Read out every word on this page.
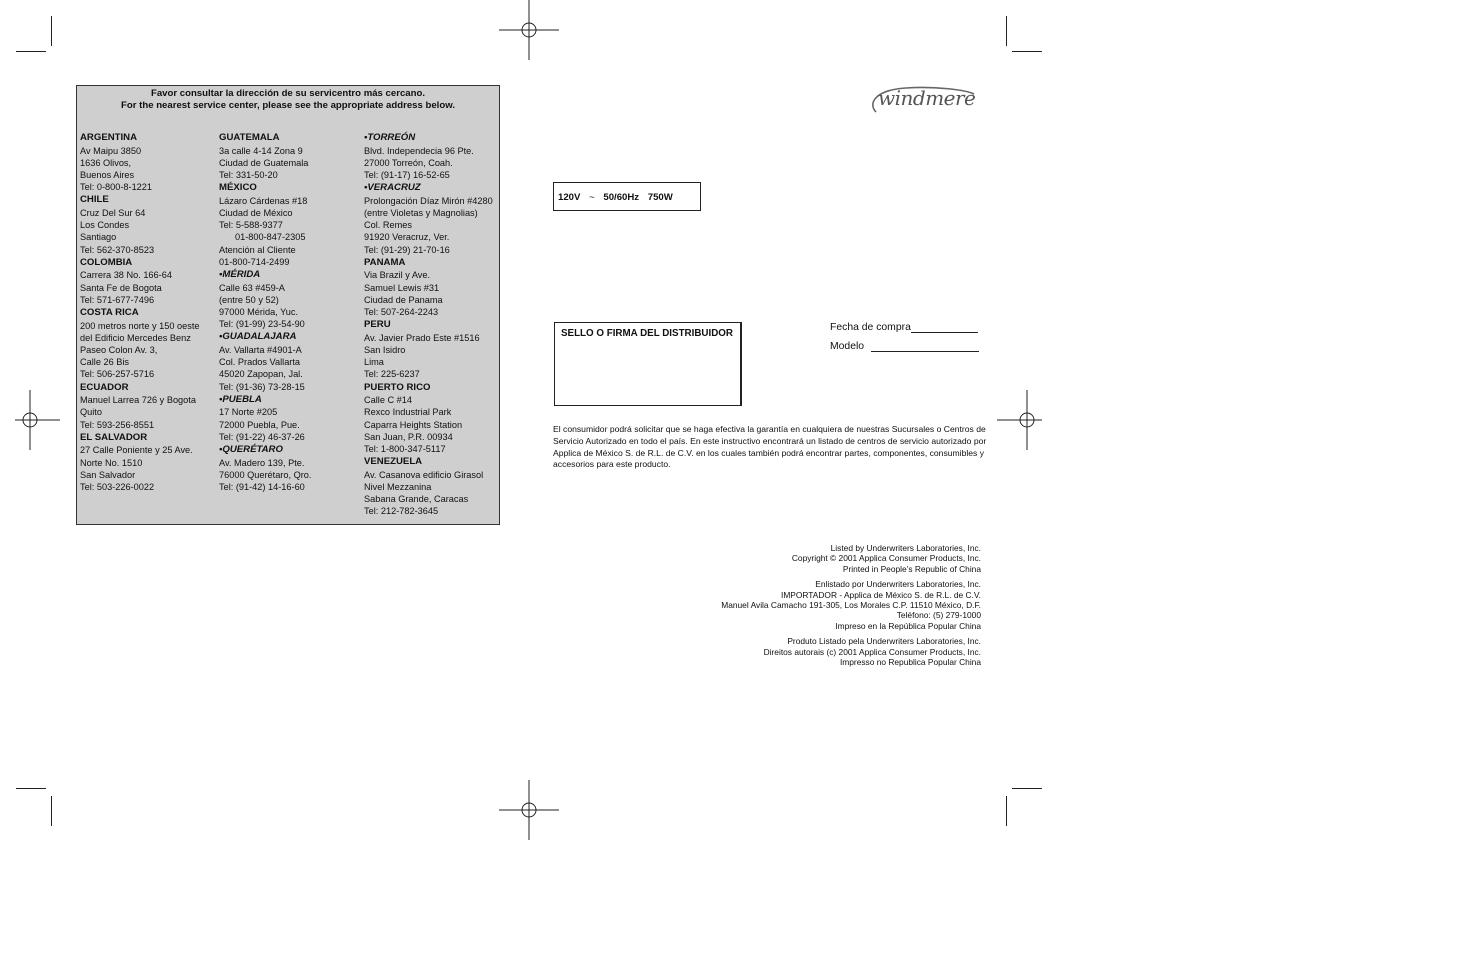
Favor consultar la dirección de su servicentro más cercano.
For the nearest service center, please see the appropriate address below.
ARGENTINA
Av Maipu 3850
1636 Olivos,
Buenos Aires
Tel: 0-800-8-1221
CHILE
Cruz Del Sur 64
Los Condes
Santiago
Tel: 562-370-8523
COLOMBIA
Carrera 38 No. 166-64
Santa Fe de Bogota
Tel: 571-677-7496
COSTA RICA
200 metros norte y 150 oeste
del Edificio Mercedes Benz
Paseo Colon Av. 3,
Calle 26 Bis
Tel: 506-257-5716
ECUADOR
Manuel Larrea 726 y Bogota
Quito
Tel: 593-256-8551
EL SALVADOR
27 Calle Poniente y 25 Ave.
Norte No. 1510
San Salvador
Tel: 503-226-0022
GUATEMALA
3a calle 4-14 Zona 9
Ciudad de Guatemala
Tel: 331-50-20
MÉXICO
Lázaro Cárdenas #18
Ciudad de México
Tel: 5-588-9377
01-800-847-2305
Atención al Cliente
01-800-714-2499
•MÉRIDA
Calle 63 #459-A
(entre 50 y 52)
97000 Mérida, Yuc.
Tel: (91-99) 23-54-90
•GUADALAJARA
Av. Vallarta #4901-A
Col. Prados Vallarta
45020 Zapopan, Jal.
Tel: (91-36) 73-28-15
•PUEBLA
17 Norte #205
72000 Puebla, Pue.
Tel: (91-22) 46-37-26
•QUERÉTARO
Av. Madero 139, Pte.
76000 Querétaro, Qro.
Tel: (91-42) 14-16-60
•TORREÓN
Blvd. Independecia 96 Pte.
27000 Torreón, Coah.
Tel: (91-17) 16-52-65
•VERACRUZ
Prolongación Díaz Mirón #4280
(entre Violetas y Magnolias)
Col. Remes
91920 Veracruz, Ver.
Tel: (91-29) 21-70-16
PANAMA
Via Brazil y Ave.
Samuel Lewis #31
Ciudad de Panama
Tel: 507-264-2243
PERU
Av. Javier Prado Este #1516
San Isidro
Lima
Tel: 225-6237
PUERTO RICO
Calle C #14
Rexco Industrial Park
Caparra Heights Station
San Juan, P.R. 00934
Tel: 1-800-347-5117
VENEZUELA
Av. Casanova edificio Girasol
Nivel Mezzanina
Sabana Grande, Caracas
Tel: 212-782-3645
windmere
120V ~ 50/60Hz 750W
SELLO O FIRMA DEL DISTRIBUIDOR
Fecha de compra
Modelo
El consumidor podrá solicitar que se haga efectiva la garantía en cualquiera de nuestras Sucursales o Centros de Servicio Autorizado en todo el país. En este instructivo encontrará un listado de centros de servicio autorizado por Applica de México S. de R.L. de C.V. en los cuales también podrá encontrar partes, componentes, consumibles y accesorios para este producto.
Listed by Underwriters Laboratories, Inc.
Copyright © 2001 Applica Consumer Products, Inc.
Printed in People’s Republic of China
Enlistado por Underwriters Laboratories, Inc.
IMPORTADOR - Applica de México S. de R.L. de C.V.
Manuel Avila Camacho 191-305, Los Morales C.P. 11510 México, D.F.
Teléfono: (5) 279-1000
Impreso en la República Popular China
Produto Listado pela Underwriters Laboratories, Inc.
Direitos autorais (c) 2001 Applica Consumer Products, Inc.
Impresso no Republica Popular China
